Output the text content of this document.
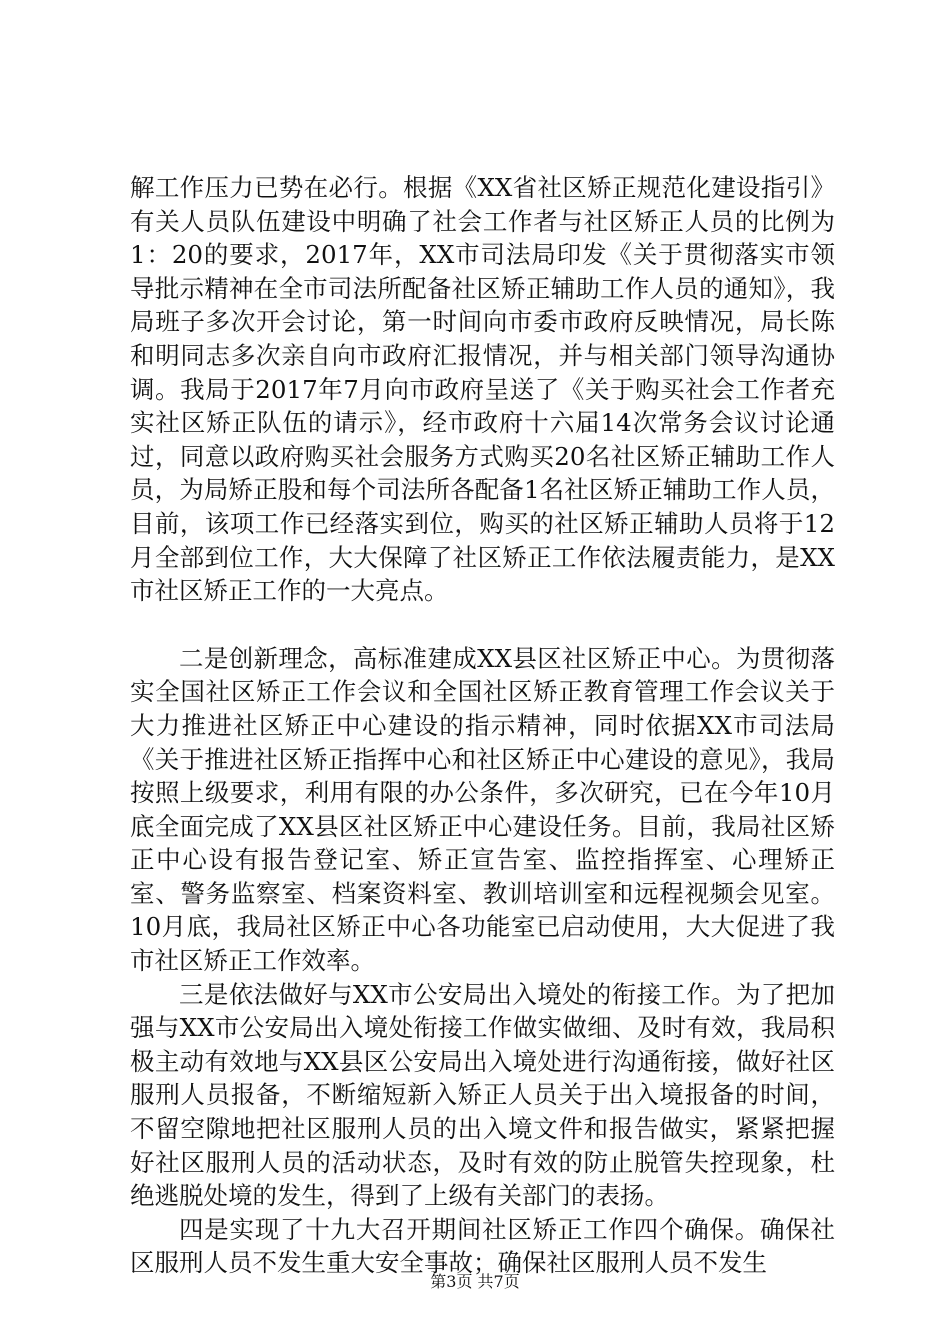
解工作压力已势在必行。根据《XX省社区矫正规范化建设指引》有关人员队伍建设中明确了社会工作者与社区矫正人员的比例为1：20的要求，2017年，XX市司法局印发《关于贯彻落实市领导批示精神在全市司法所配备社区矫正辅助工作人员的通知》，我局班子多次开会讨论，第一时间向市委市政府反映情况，局长陈和明同志多次亲自向市政府汇报情况，并与相关部门领导沟通协调。我局于2017年7月向市政府呈送了《关于购买社会工作者充实社区矫正队伍的请示》，经市政府十六届14次常务会议讨论通过，同意以政府购买社会服务方式购买20名社区矫正辅助工作人员，为局矫正股和每个司法所各配备1名社区矫正辅助工作人员，目前，该项工作已经落实到位，购买的社区矫正辅助人员将于12月全部到位工作，大大保障了社区矫正工作依法履责能力，是XX市社区矫正工作的一大亮点。

二是创新理念，高标准建成XX县区社区矫正中心。为贯彻落实全国社区矫正工作会议和全国社区矫正教育管理工作会议关于大力推进社区矫正中心建设的指示精神，同时依据XX市司法局《关于推进社区矫正指挥中心和社区矫正中心建设的意见》，我局按照上级要求，利用有限的办公条件，多次研究，已在今年10月底全面完成了XX县区社区矫正中心建设任务。目前，我局社区矫正中心设有报告登记室、矫正宣告室、监控指挥室、心理矫正室、警务监察室、档案资料室、教训培训室和远程视频会见室。10月底，我局社区矫正中心各功能室已启动使用，大大促进了我市社区矫正工作效率。

三是依法做好与XX市公安局出入境处的衔接工作。为了把加强与XX市公安局出入境处衔接工作做实做细、及时有效，我局积极主动有效地与XX县区公安局出入境处进行沟通衔接，做好社区服刑人员报备，不断缩短新入矫正人员关于出入境报备的时间，不留空隙地把社区服刑人员的出入境文件和报告做实，紧紧把握好社区服刑人员的活动状态，及时有效的防止脱管失控现象，杜绝逃脱处境的发生，得到了上级有关部门的表扬。

四是实现了十九大召开期间社区矫正工作四个确保。确保社区服刑人员不发生重大安全事故；确保社区服刑人员不发生

第3页 共7页
